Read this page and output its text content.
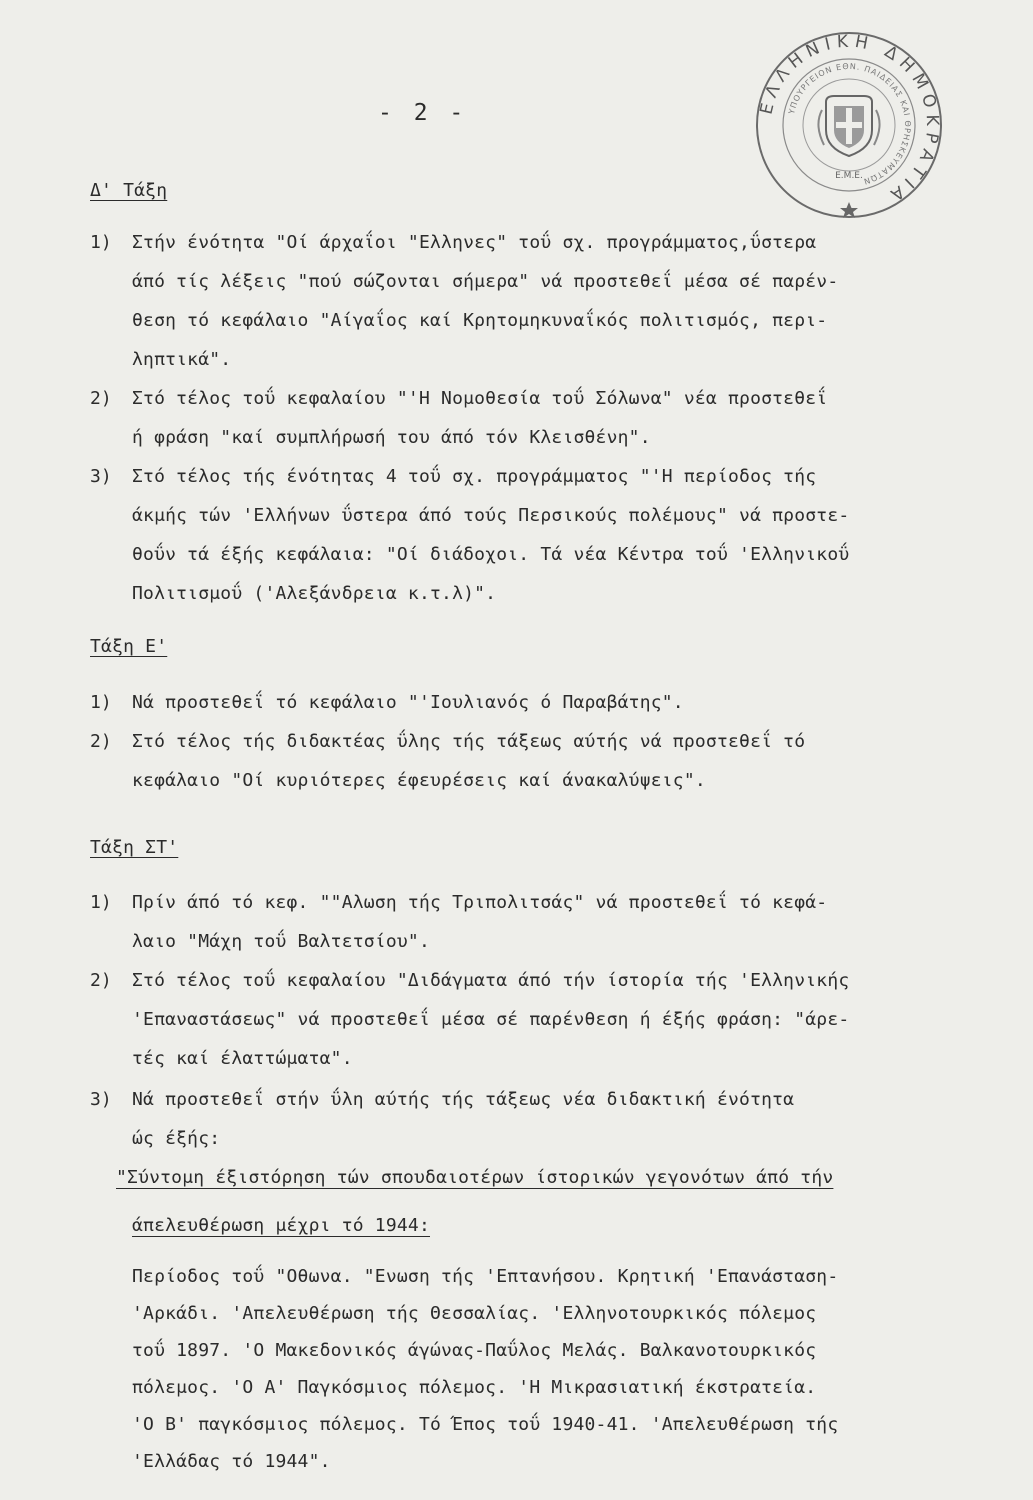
- 2 -	ΕΛΛΗΝΙΚΗ ΔΗΜΟΚΡΑΤΙΑ
ΥΠΟΥΡΓΕΙΟΝ ΕΘΝ. ΠΑΙΔΕΙΑΣ ΚΑΙ ΘΡΗΣΚΕΥΜΑΤΩΝ
Ε.Μ.Ε.
Δ' Τάξη
1) Στήν ένότητα "Οί άρχαΐοι "Ελληνες" τοΰ σχ. προγράμματος,ΰστερα
άπό τίς λέξεις "πού σώζονται σήμερα" νά προστεθεΐ μέσα σέ παρέν-
θεση τό κεφάλαιο "Αίγαΐος καί Κρητομηκυναΐκός πολιτισμός, περι-
ληπτικά".
2) Στό τέλος τοΰ κεφαλαίου "'Η Νομοθεσία τοΰ Σόλωνα" νέα προστεθεΐ
ή φράση "καί συμπλήρωσή του άπό τόν Κλεισθένη".
3) Στό τέλος τής ένότητας 4 τοΰ σχ. προγράμματος "'Η περίοδος τής
άκμής τών 'Ελλήνων ΰστερα άπό τούς Περσικούς πολέμους" νά προστε-
θοΰν τά έξής κεφάλαια: "Οί διάδοχοι. Τά νέα Κέντρα τοΰ 'Ελληνικοΰ
Πολιτισμοΰ ('Αλεξάνδρεια κ.τ.λ)".
Τάξη Ε'
1) Νά προστεθεΐ τό κεφάλαιο "'Ιουλιανός ό Παραβάτης".
2) Στό τέλος τής διδακτέας ΰλης τής τάξεως αύτής νά προστεθεΐ τό
κεφάλαιο "Οί κυριότερες έφευρέσεις καί άνακαλύψεις".
Τάξη ΣΤ'
1) Πρίν άπό τό κεφ. ""Αλωση τής Τριπολιτσάς" νά προστεθεΐ τό κεφά-
λαιο "Μάχη τοΰ Βαλτετσίου".
2) Στό τέλος τοΰ κεφαλαίου "Διδάγματα άπό τήν ίστορία τής 'Ελληνικής
'Επαναστάσεως" νά προστεθεΐ μέσα σέ παρένθεση ή έξής φράση: "άρε-
τές καί έλαττώματα".
3) Νά προστεθεΐ στήν ΰλη αύτής τής τάξεως νέα διδακτική ένότητα
ώς έξής:
"Σύντομη έξιστόρηση τών σπουδαιοτέρων ίστορικών γεγονότων άπό τήν
άπελευθέρωση μέχρι τό 1944:
Περίοδος τοΰ "Οθωνα. "Ενωση τής 'Επτανήσου. Κρητική 'Επανάσταση-
'Αρκάδι. 'Απελευθέρωση τής Θεσσαλίας. 'Ελληνοτουρκικός πόλεμος
τοΰ 1897. 'Ο Μακεδονικός άγώνας-Παΰλος Μελάς. Βαλκανοτουρκικός
πόλεμος. 'Ο Α' Παγκόσμιος πόλεμος. 'Η Μικρασιατική έκστρατεία.
'Ο Β' παγκόσμιος πόλεμος. Τό Έπος τοΰ 1940-41. 'Απελευθέρωση τής
'Ελλάδας τό 1944".
